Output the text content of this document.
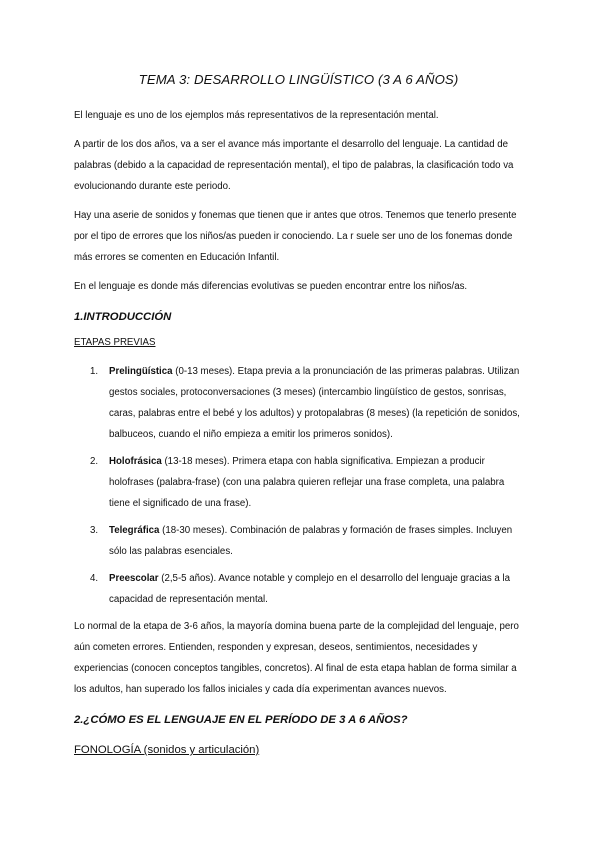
TEMA 3: DESARROLLO LINGÜÍSTICO (3 A 6 AÑOS)

El lenguaje es uno de los ejemplos más representativos de la representación mental.

A partir de los dos años, va a ser el avance más importante el desarrollo del lenguaje. La cantidad de palabras (debido a la capacidad de representación mental), el tipo de palabras, la clasificación todo va evolucionando durante este periodo.

Hay una aserie de sonidos y fonemas que tienen que ir antes que otros. Tenemos que tenerlo presente por el tipo de errores que los niños/as pueden ir conociendo. La r suele ser uno de los fonemas donde más errores se comenten en Educación Infantil.

En el lenguaje es donde más diferencias evolutivas se pueden encontrar entre los niños/as.

1.INTRODUCCIÓN
ETAPAS PREVIAS
1. Prelingüística (0-13 meses). Etapa previa a la pronunciación de las primeras palabras. Utilizan gestos sociales, protoconversaciones (3 meses) (intercambio lingüístico de gestos, sonrisas, caras, palabras entre el bebé y los adultos) y protopalabras (8 meses) (la repetición de sonidos, balbuceos, cuando el niño empieza a emitir los primeros sonidos).
2. Holofrásica (13-18 meses). Primera etapa con habla significativa. Empiezan a producir holofrases (palabra-frase) (con una palabra quieren reflejar una frase completa, una palabra tiene el significado de una frase).
3. Telegráfica (18-30 meses). Combinación de palabras y formación de frases simples. Incluyen sólo las palabras esenciales.
4. Preescolar (2,5-5 años). Avance notable y complejo en el desarrollo del lenguaje gracias a la capacidad de representación mental.

Lo normal de la etapa de 3-6 años, la mayoría domina buena parte de la complejidad del lenguaje, pero aún cometen errores. Entienden, responden y expresan, deseos, sentimientos, necesidades y experiencias (conocen conceptos tangibles, concretos). Al final de esta etapa hablan de forma similar a los adultos, han superado los fallos iniciales y cada día experimentan avances nuevos.

2.¿CÓMO ES EL LENGUAJE EN EL PERÍODO DE 3 A 6 AÑOS?
FONOLOGÍA (sonidos y articulación)
